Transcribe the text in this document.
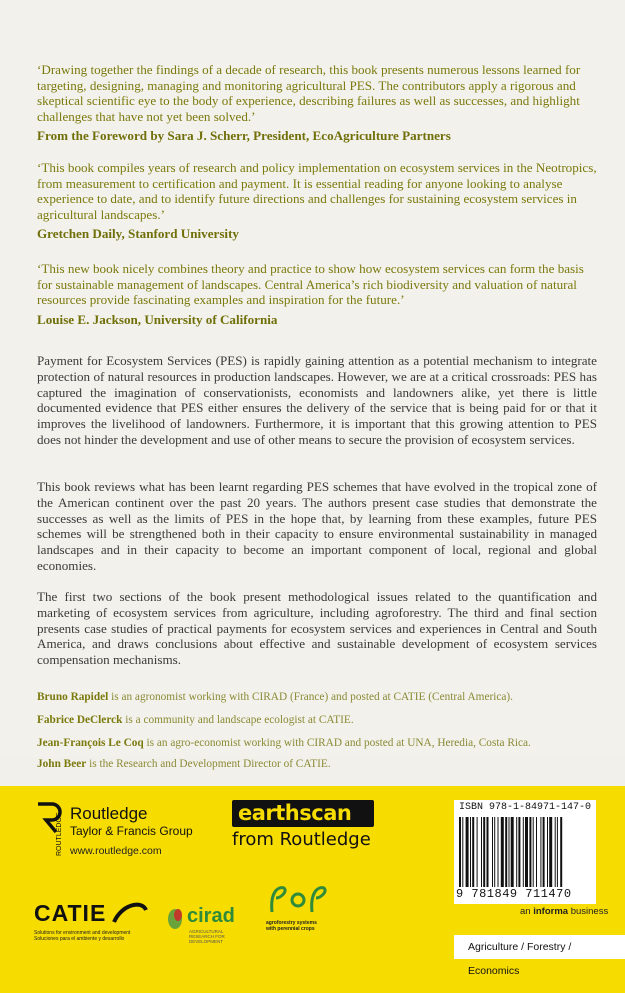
‘Drawing together the findings of a decade of research, this book presents numerous lessons learned for targeting, designing, managing and monitoring agricultural PES. The contributors apply a rigorous and skeptical scientific eye to the body of experience, describing failures as well as successes, and highlight challenges that have not yet been solved.’
From the Foreword by Sara J. Scherr, President, EcoAgriculture Partners
‘This book compiles years of research and policy implementation on ecosystem services in the Neotropics, from measurement to certification and payment. It is essential reading for anyone looking to analyse experience to date, and to identify future directions and challenges for sustaining ecosystem services in agricultural landscapes.’
Gretchen Daily, Stanford University
‘This new book nicely combines theory and practice to show how ecosystem services can form the basis for sustainable management of landscapes. Central America’s rich biodiversity and valuation of natural resources provide fascinating examples and inspiration for the future.’
Louise E. Jackson, University of California
Payment for Ecosystem Services (PES) is rapidly gaining attention as a potential mechanism to integrate protection of natural resources in production landscapes. However, we are at a critical crossroads: PES has captured the imagination of conservationists, economists and landowners alike, yet there is little documented evidence that PES either ensures the delivery of the service that is being paid for or that it improves the livelihood of landowners. Furthermore, it is important that this growing attention to PES does not hinder the development and use of other means to secure the provision of ecosystem services.
This book reviews what has been learnt regarding PES schemes that have evolved in the tropical zone of the American continent over the past 20 years. The authors present case studies that demonstrate the successes as well as the limits of PES in the hope that, by learning from these examples, future PES schemes will be strengthened both in their capacity to ensure environmental sustainability in managed landscapes and in their capacity to become an important component of local, regional and global economies.
The first two sections of the book present methodological issues related to the quantification and marketing of ecosystem services from agriculture, including agroforestry. The third and final section presents case studies of practical payments for ecosystem services and experiences in Central and South America, and draws conclusions about effective and sustainable development of ecosystem services compensation mechanisms.
Bruno Rapidel is an agronomist working with CIRAD (France) and posted at CATIE (Central America).
Fabrice DeClerck is a community and landscape ecologist at CATIE.
Jean-François Le Coq is an agro-economist working with CIRAD and posted at UNA, Heredia, Costa Rica.
John Beer is the Research and Development Director of CATIE.
ROUTLEDGE Routledge
Taylor & Francis Group
www.routledge.com
earthscan
from Routledge
ISBN 978-1-84971-147-0
9 781849 711470
an informa business
CATIE
Solutions for environment and development
Soluciones para el ambiente y desarrollo
cirad
AGRICULTURAL RESEARCH FOR DEVELOPMENT
agroforestry systems
with perennial crops
Agriculture / Forestry / Economics
